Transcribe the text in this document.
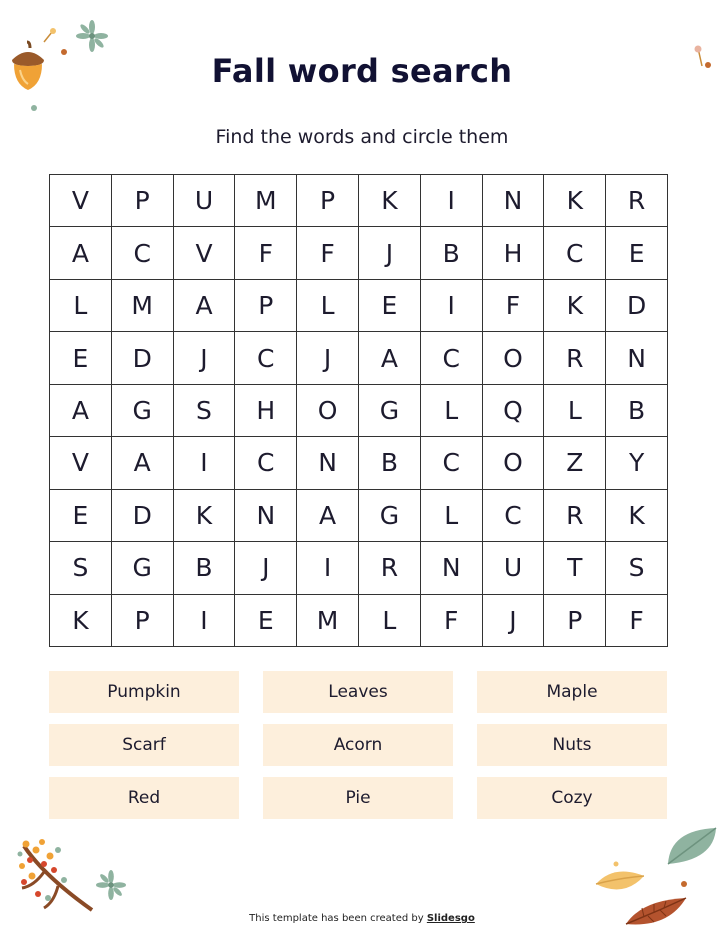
Fall word search
Find the words and circle them
V	P	U	M	P	K	I	N	K	R
A	C	V	F	F	J	B	H	C	E
L	M	A	P	L	E	I	F	K	D
E	D	J	C	J	A	C	O	R	N
A	G	S	H	O	G	L	Q	L	B
V	A	I	C	N	B	C	O	Z	Y
E	D	K	N	A	G	L	C	R	K
S	G	B	J	I	R	N	U	T	S
K	P	I	E	M	L	F	J	P	F
Pumpkin	Leaves	Maple
Scarf	Acorn	Nuts
Red	Pie	Cozy
This template has been created by Slidesgo
